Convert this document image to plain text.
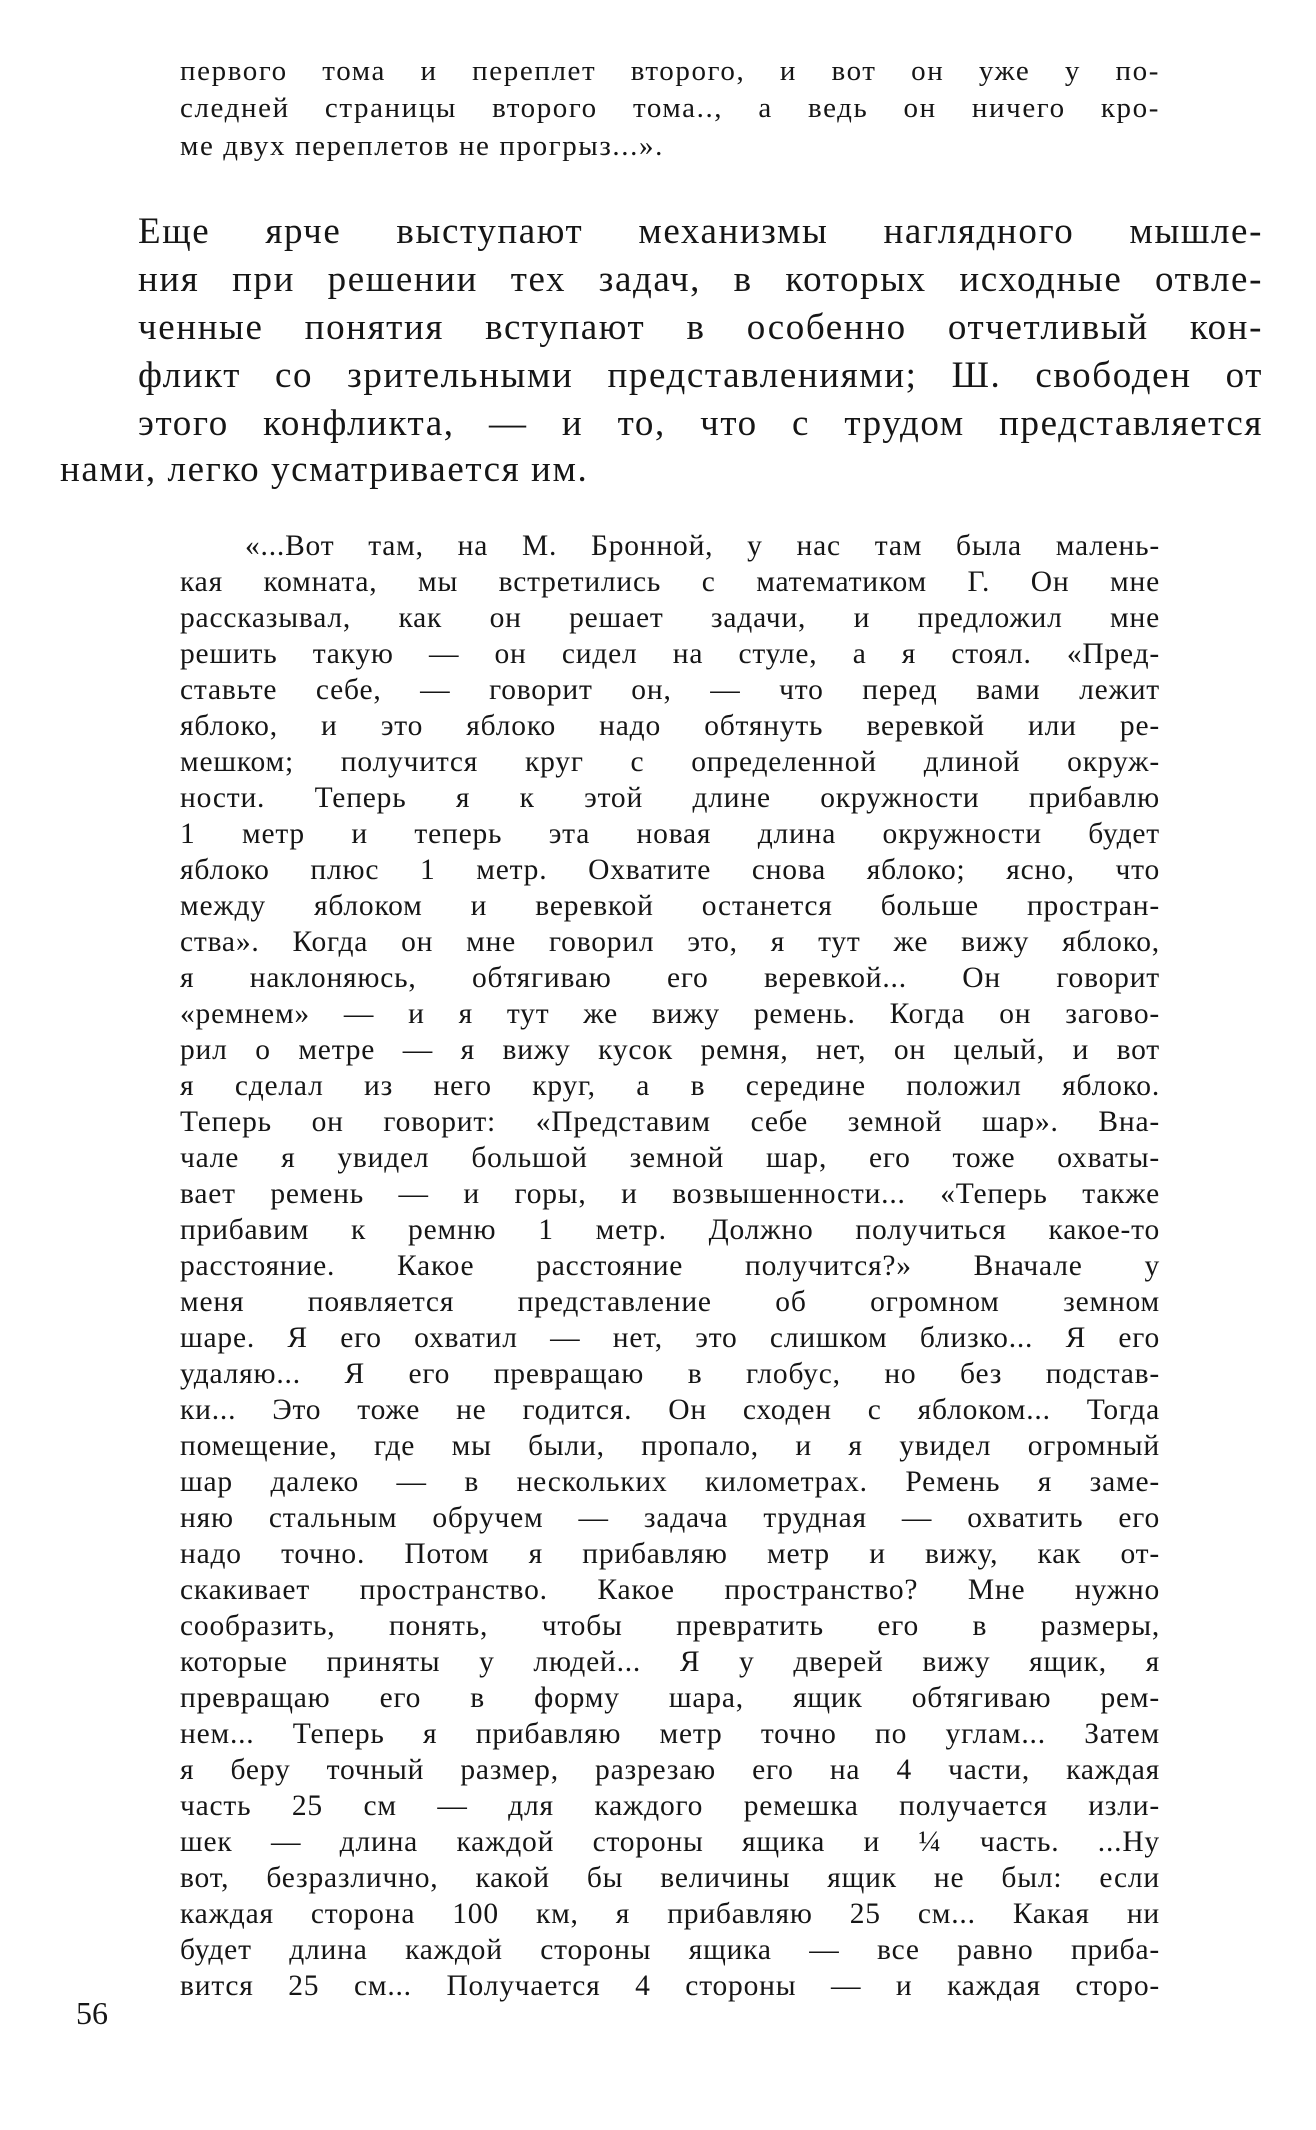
первого тома и переплет второго, и вот он уже у по-
следней страницы второго тома.., а ведь он ничего кро-
ме двух переплетов не прогрыз...».
Еще ярче выступают механизмы наглядного мышле-
ния при решении тех задач, в которых исходные отвле-
ченные понятия вступают в особенно отчетливый кон-
фликт со зрительными представлениями; Ш. свободен от
этого конфликта, — и то, что с трудом представляется
нами, легко усматривается им.
«...Вот там, на М. Бронной, у нас там была малень-
кая комната, мы встретились с математиком Г. Он мне
рассказывал, как он решает задачи, и предложил мне
решить такую — он сидел на стуле, а я стоял. «Пред-
ставьте себе, — говорит он, — что перед вами лежит
яблоко, и это яблоко надо обтянуть веревкой или ре-
мешком; получится круг с определенной длиной окруж-
ности. Теперь я к этой длине окружности прибавлю
1 метр и теперь эта новая длина окружности будет
яблоко плюс 1 метр. Охватите снова яблоко; ясно, что
между яблоком и веревкой останется больше простран-
ства». Когда он мне говорил это, я тут же вижу яблоко,
я наклоняюсь, обтягиваю его веревкой... Он говорит
«ремнем» — и я тут же вижу ремень. Когда он загово-
рил о метре — я вижу кусок ремня, нет, он целый, и вот
я сделал из него круг, а в середине положил яблоко.
Теперь он говорит: «Представим себе земной шар». Вна-
чале я увидел большой земной шар, его тоже охваты-
вает ремень — и горы, и возвышенности... «Теперь также
прибавим к ремню 1 метр. Должно получиться какое-то
расстояние. Какое расстояние получится?» Вначале у
меня появляется представление об огромном земном
шаре. Я его охватил — нет, это слишком близко... Я его
удаляю... Я его превращаю в глобус, но без подстав-
ки... Это тоже не годится. Он сходен с яблоком... Тогда
помещение, где мы были, пропало, и я увидел огромный
шар далеко — в нескольких километрах. Ремень я заме-
няю стальным обручем — задача трудная — охватить его
надо точно. Потом я прибавляю метр и вижу, как от-
скакивает пространство. Какое пространство? Мне нужно
сообразить, понять, чтобы превратить его в размеры,
которые приняты у людей... Я у дверей вижу ящик, я
превращаю его в форму шара, ящик обтягиваю рем-
нем... Теперь я прибавляю метр точно по углам... Затем
я беру точный размер, разрезаю его на 4 части, каждая
часть 25 см — для каждого ремешка получается изли-
шек — длина каждой стороны ящика и ¼ часть. ...Ну
вот, безразлично, какой бы величины ящик не был: если
каждая сторона 100 км, я прибавляю 25 см... Какая ни
будет длина каждой стороны ящика — все равно приба-
вится 25 см... Получается 4 стороны — и каждая сторо-
56
